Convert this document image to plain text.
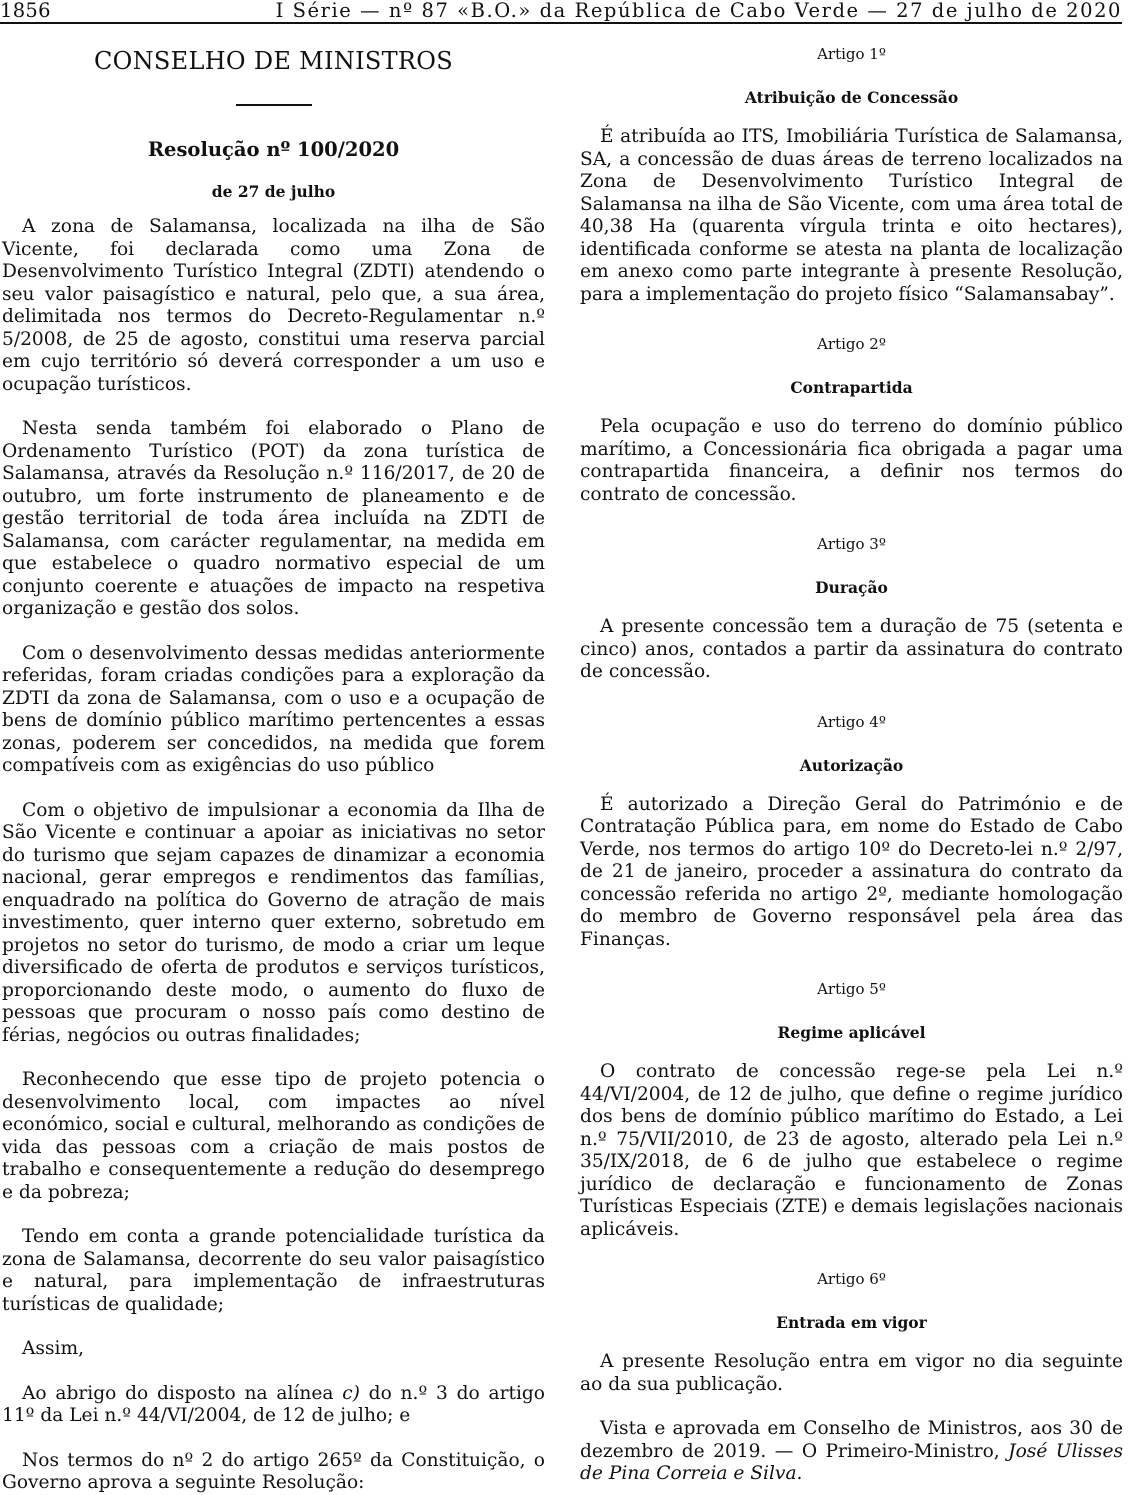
1856	I Série — nº 87 «B.O.» da República de Cabo Verde — 27 de julho de 2020
CONSELHO DE MINISTROS
Resolução nº 100/2020
de 27 de julho

A zona de Salamansa, localizada na ilha de São Vicente, foi declarada como uma Zona de Desenvolvimento Turístico Integral (ZDTI) atendendo o seu valor paisagístico e natural, pelo que, a sua área, delimitada nos termos do Decreto-Regulamentar n.º 5/2008, de 25 de agosto, constitui uma reserva parcial em cujo território só deverá corresponder a um uso e ocupação turísticos.

Nesta senda também foi elaborado o Plano de Ordenamento Turístico (POT) da zona turística de Salamansa, através da Resolução n.º 116/2017, de 20 de outubro, um forte instrumento de planeamento e de gestão territorial de toda área incluída na ZDTI de Salamansa, com carácter regulamentar, na medida em que estabelece o quadro normativo especial de um conjunto coerente e atuações de impacto na respetiva organização e gestão dos solos.

Com o desenvolvimento dessas medidas anteriormente referidas, foram criadas condições para a exploração da ZDTI da zona de Salamansa, com o uso e a ocupação de bens de domínio público marítimo pertencentes a essas zonas, poderem ser concedidos, na medida que forem compatíveis com as exigências do uso público

Com o objetivo de impulsionar a economia da Ilha de São Vicente e continuar a apoiar as iniciativas no setor do turismo que sejam capazes de dinamizar a economia nacional, gerar empregos e rendimentos das famílias, enquadrado na política do Governo de atração de mais investimento, quer interno quer externo, sobretudo em projetos no setor do turismo, de modo a criar um leque diversificado de oferta de produtos e serviços turísticos, proporcionando deste modo, o aumento do fluxo de pessoas que procuram o nosso país como destino de férias, negócios ou outras finalidades;

Reconhecendo que esse tipo de projeto potencia o desenvolvimento local, com impactes ao nível económico, social e cultural, melhorando as condições de vida das pessoas com a criação de mais postos de trabalho e consequentemente a redução do desemprego e da pobreza;

Tendo em conta a grande potencialidade turística da zona de Salamansa, decorrente do seu valor paisagístico e natural, para implementação de infraestruturas turísticas de qualidade;

Assim,

Ao abrigo do disposto na alínea c) do n.º 3 do artigo 11º da Lei n.º 44/VI/2004, de 12 de julho; e

Nos termos do nº 2 do artigo 265º da Constituição, o Governo aprova a seguinte Resolução:

Artigo 1º
Atribuição de Concessão

É atribuída ao ITS, Imobiliária Turística de Salamansa, SA, a concessão de duas áreas de terreno localizados na Zona de Desenvolvimento Turístico Integral de Salamansa na ilha de São Vicente, com uma área total de 40,38 Ha (quarenta vírgula trinta e oito hectares), identificada conforme se atesta na planta de localização em anexo como parte integrante à presente Resolução, para a implementação do projeto físico “Salamansabay”.

Artigo 2º
Contrapartida

Pela ocupação e uso do terreno do domínio público marítimo, a Concessionária fica obrigada a pagar uma contrapartida financeira, a definir nos termos do contrato de concessão.

Artigo 3º
Duração

A presente concessão tem a duração de 75 (setenta e cinco) anos, contados a partir da assinatura do contrato de concessão.

Artigo 4º
Autorização

É autorizado a Direção Geral do Património e de Contratação Pública para, em nome do Estado de Cabo Verde, nos termos do artigo 10º do Decreto-lei n.º 2/97, de 21 de janeiro, proceder a assinatura do contrato da concessão referida no artigo 2º, mediante homologação do membro de Governo responsável pela área das Finanças.

Artigo 5º
Regime aplicável

O contrato de concessão rege-se pela Lei n.º 44/VI/2004, de 12 de julho, que define o regime jurídico dos bens de domínio público marítimo do Estado, a Lei n.º 75/VII/2010, de 23 de agosto, alterado pela Lei n.º 35/IX/2018, de 6 de julho que estabelece o regime jurídico de declaração e funcionamento de Zonas Turísticas Especiais (ZTE) e demais legislações nacionais aplicáveis.

Artigo 6º
Entrada em vigor

A presente Resolução entra em vigor no dia seguinte ao da sua publicação.

Vista e aprovada em Conselho de Ministros, aos 30 de dezembro de 2019. — O Primeiro-Ministro, José Ulisses de Pina Correia e Silva.
